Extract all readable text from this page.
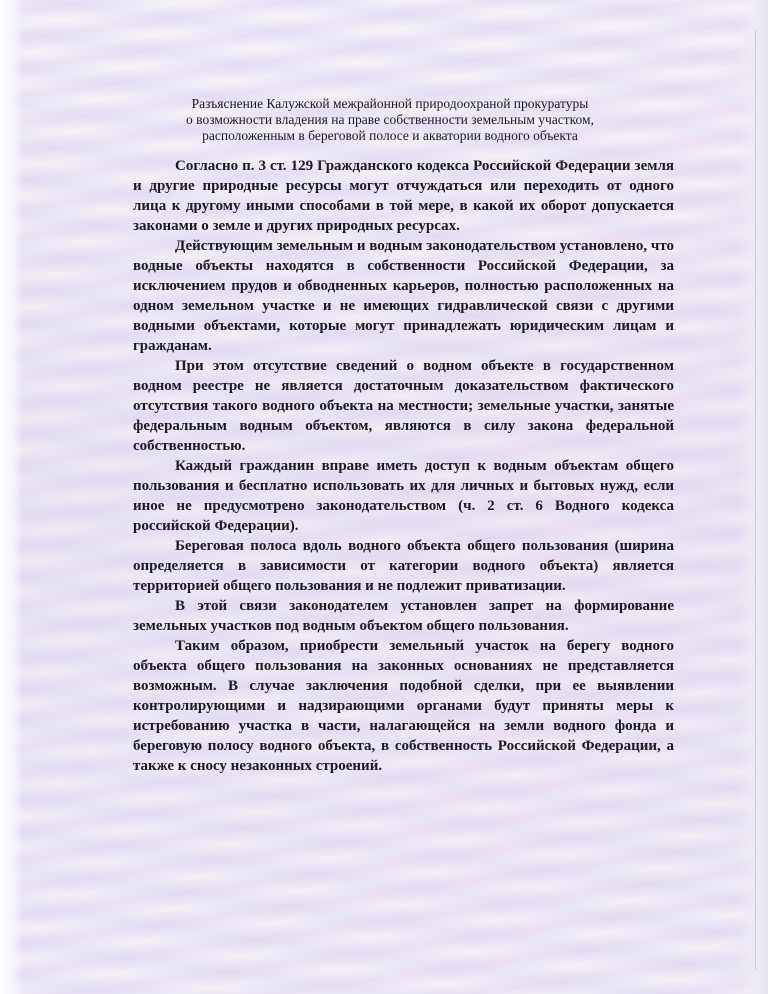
Разъяснение Калужской межрайонной природоохраной прокуратуры
о возможности владения на праве собственности земельным участком,
расположенным в береговой полосе и акватории водного объекта

Согласно п. 3 ст. 129 Гражданского кодекса Российской Федерации земля и другие природные ресурсы могут отчуждаться или переходить от одного лица к другому иными способами в той мере, в какой их оборот допускается законами о земле и других природных ресурсах.

Действующим земельным и водным законодательством установлено, что водные объекты находятся в собственности Российской Федерации, за исключением прудов и обводненных карьеров, полностью расположенных на одном земельном участке и не имеющих гидравлической связи с другими водными объектами, которые могут принадлежать юридическим лицам и гражданам.

При этом отсутствие сведений о водном объекте в государственном водном реестре не является достаточным доказательством фактического отсутствия такого водного объекта на местности; земельные участки, занятые федеральным водным объектом, являются в силу закона федеральной собственностью.

Каждый гражданин вправе иметь доступ к водным объектам общего пользования и бесплатно использовать их для личных и бытовых нужд, если иное не предусмотрено законодательством (ч. 2 ст. 6 Водного кодекса российской Федерации).

Береговая полоса вдоль водного объекта общего пользования (ширина определяется в зависимости от категории водного объекта) является территорией общего пользования и не подлежит приватизации.

В этой связи законодателем установлен запрет на формирование земельных участков под водным объектом общего пользования.

Таким образом, приобрести земельный участок на берегу водного объекта общего пользования на законных основаниях не представляется возможным. В случае заключения подобной сделки, при ее выявлении контролирующими и надзирающими органами будут приняты меры к истребованию участка в части, налагающейся на земли водного фонда и береговую полосу водного объекта, в собственность Российской Федерации, а также к сносу незаконных строений.
